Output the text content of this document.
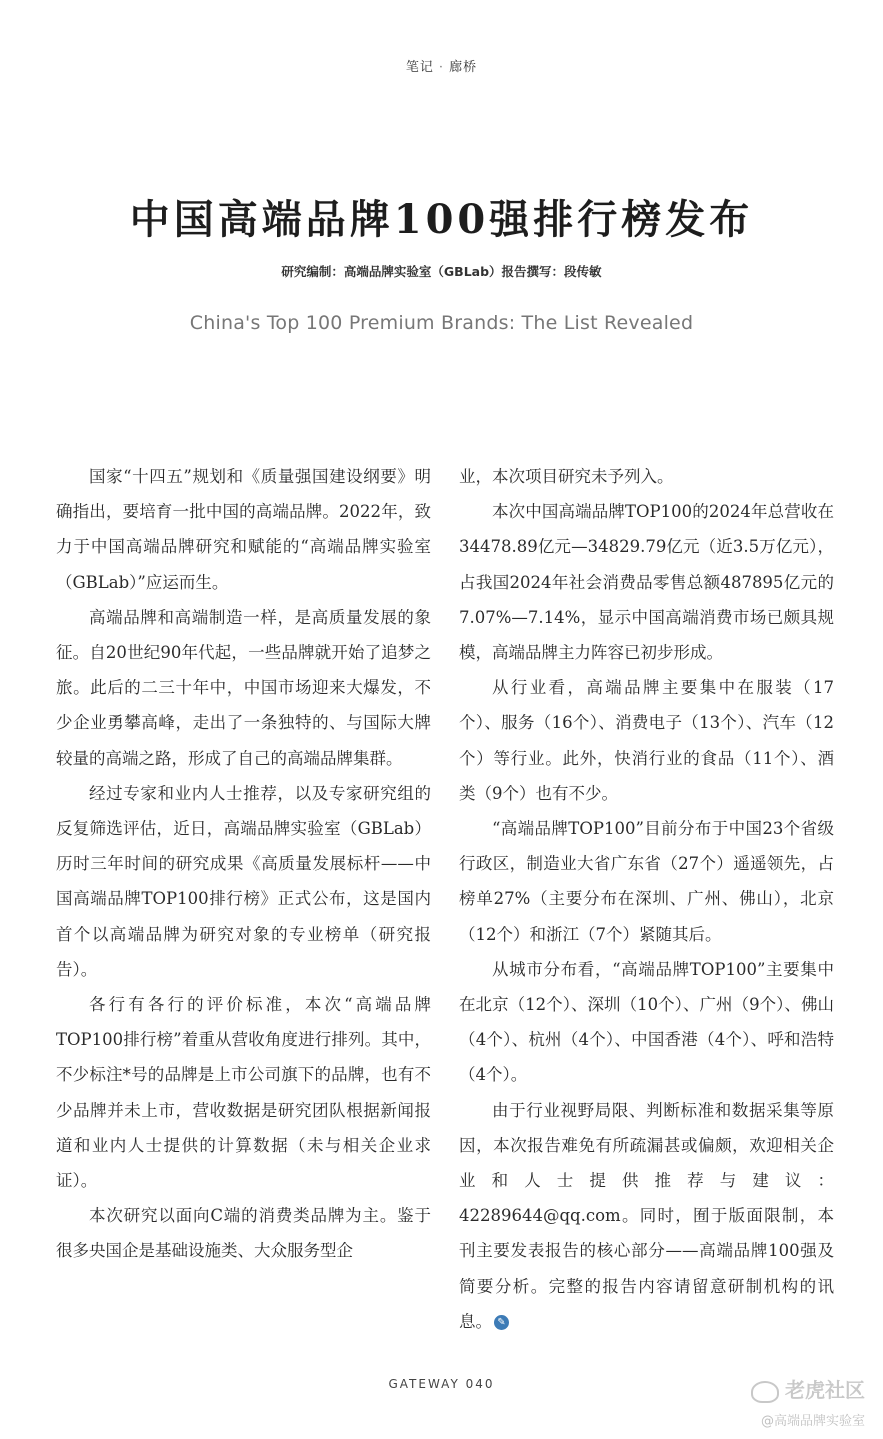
笔记 · 廊桥
中国高端品牌100强排行榜发布
研究编制：高端品牌实验室（GBLab）报告撰写：段传敏
China's Top 100 Premium Brands: The List Revealed

国家“十四五”规划和《质量强国建设纲要》明确指出，要培育一批中国的高端品牌。2022年，致力于中国高端品牌研究和赋能的“高端品牌实验室（GBLab）”应运而生。

高端品牌和高端制造一样，是高质量发展的象征。自20世纪90年代起，一些品牌就开始了追梦之旅。此后的二三十年中，中国市场迎来大爆发，不少企业勇攀高峰，走出了一条独特的、与国际大牌较量的高端之路，形成了自己的高端品牌集群。

经过专家和业内人士推荐，以及专家研究组的反复筛选评估，近日，高端品牌实验室（GBLab）历时三年时间的研究成果《高质量发展标杆——中国高端品牌TOP100排行榜》正式公布，这是国内首个以高端品牌为研究对象的专业榜单（研究报告）。

各行有各行的评价标准，本次“高端品牌TOP100排行榜”着重从营收角度进行排列。其中，不少标注*号的品牌是上市公司旗下的品牌，也有不少品牌并未上市，营收数据是研究团队根据新闻报道和业内人士提供的计算数据（未与相关企业求证）。

本次研究以面向C端的消费类品牌为主。鉴于很多央国企是基础设施类、大众服务型企

业，本次项目研究未予列入。

本次中国高端品牌TOP100的2024年总营收在34478.89亿元—34829.79亿元（近3.5万亿元），占我国2024年社会消费品零售总额487895亿元的7.07%—7.14%，显示中国高端消费市场已颇具规模，高端品牌主力阵容已初步形成。

从行业看，高端品牌主要集中在服装（17个）、服务（16个）、消费电子（13个）、汽车（12个）等行业。此外，快消行业的食品（11个）、酒类（9个）也有不少。

“高端品牌TOP100”目前分布于中国23个省级行政区，制造业大省广东省（27个）遥遥领先，占榜单27%（主要分布在深圳、广州、佛山），北京（12个）和浙江（7个）紧随其后。

从城市分布看，“高端品牌TOP100”主要集中在北京（12个）、深圳（10个）、广州（9个）、佛山（4个）、杭州（4个）、中国香港（4个）、呼和浩特（4个）。

由于行业视野局限、判断标准和数据采集等原因，本次报告难免有所疏漏甚或偏颇，欢迎相关企业和人士提供推荐与建议：42289644@qq.com。同时，囿于版面限制，本刊主要发表报告的核心部分——高端品牌100强及简要分析。完整的报告内容请留意研制机构的讯息。 ✎

GATEWAY 040	老虎社区
@高端品牌实验室
